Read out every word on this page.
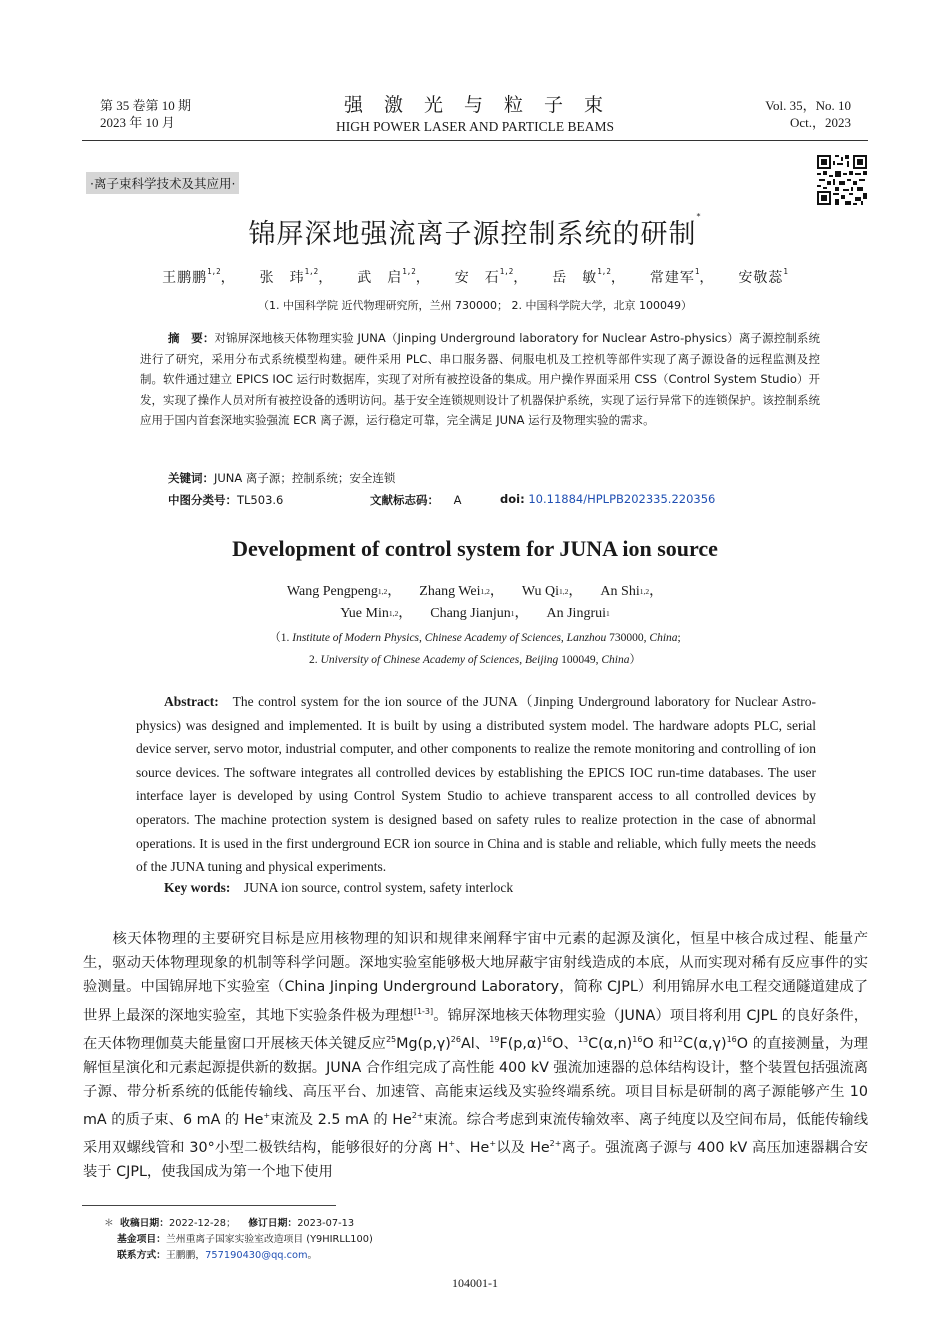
第 35 卷第 10 期
2023 年 10 月
强激光与粒子束
HIGH POWER LASER AND PARTICLE BEAMS
Vol. 35，No. 10
Oct.，2023
·离子束科学技术及其应用·
锦屏深地强流离子源控制系统的研制*
王鹏鹏$^{1,2}$， 张　玮$^{1,2}$， 武　启$^{1,2}$， 安　石$^{1,2}$， 岳　敏$^{1,2}$， 常建军$^1$， 安敬蕊$^1$
（1. 中国科学院 近代物理研究所，兰州 730000； 2. 中国科学院大学，北京 100049）
摘　要：对锦屏深地核天体物理实验 JUNA（Jinping Underground laboratory for Nuclear Astro-physics）离子源控制系统进行了研究，采用分布式系统模型构建。硬件采用 PLC、串口服务器、伺服电机及工控机等部件实现了离子源设备的远程监测及控制。软件通过建立 EPICS IOC 运行时数据库，实现了对所有被控设备的集成。用户操作界面采用 CSS（Control System Studio）开发，实现了操作人员对所有被控设备的透明访问。基于安全连锁规则设计了机器保护系统，实现了运行异常下的连锁保护。该控制系统应用于国内首套深地实验强流 ECR 离子源，运行稳定可靠，完全满足 JUNA 运行及物理实验的需求。
关键词：JUNA 离子源；控制系统；安全连锁
中图分类号：TL503.6	文献标志码： A	doi: 10.11884/HPLPB202335.220356
Development of control system for JUNA ion source
Wang Pengpeng$^{1,2}$， Zhang Wei$^{1,2}$， Wu Qi$^{1,2}$， An Shi$^{1,2}$，
Yue Min$^{1,2}$， Chang Jianjun$^1$， An Jingrui$^1$
（1. Institute of Modern Physics, Chinese Academy of Sciences, Lanzhou 730000, China;
2. University of Chinese Academy of Sciences, Beijing 100049, China）
Abstract: The control system for the ion source of the JUNA（Jinping Underground laboratory for Nuclear Astro-physics) was designed and implemented. It is built by using a distributed system model. The hardware adopts PLC, serial device server, servo motor, industrial computer, and other components to realize the remote monitoring and controlling of ion source devices. The software integrates all controlled devices by establishing the EPICS IOC run-time databases. The user interface layer is developed by using Control System Studio to achieve transparent access to all controlled devices by operators. The machine protection system is designed based on safety rules to realize protection in the case of abnormal operations. It is used in the first underground ECR ion source in China and is stable and reliable, which fully meets the needs of the JUNA tuning and physical experiments.
Key words: JUNA ion source, control system, safety interlock
核天体物理的主要研究目标是应用核物理的知识和规律来阐释宇宙中元素的起源及演化，恒星中核合成过程、能量产生，驱动天体物理现象的机制等科学问题。深地实验室能够极大地屏蔽宇宙射线造成的本底，从而实现对稀有反应事件的实验测量。中国锦屏地下实验室（China Jinping Underground Laboratory，简称 CJPL）利用锦屏水电工程交通隧道建成了世界上最深的深地实验室，其地下实验条件极为理想[1-3]。锦屏深地核天体物理实验（JUNA）项目将利用 CJPL 的良好条件，在天体物理伽莫夫能量窗口开展核天体关键反应$^{25}Mg(p,\gamma)^{26}Al$、$^{19}F(p,\alpha)^{16}O$、$^{13}C(\alpha,n)^{16}O$ 和$^{12}C(\alpha,\gamma)^{16}O$ 的直接测量，为理解恒星演化和元素起源提供新的数据。JUNA 合作组完成了高性能 400 kV 强流加速器的总体结构设计，整个装置包括强流离子源、带分析系统的低能传输线、高压平台、加速管、高能束运线及实验终端系统。项目目标是研制的离子源能够产生 10 mA 的质子束、6 mA 的 He+束流及 2.5 mA 的 $He^{2+}$束流。综合考虑到束流传输效率、离子纯度以及空间布局，低能传输线采用双螺线管和 30°小型二极铁结构，能够很好的分离 H+、He+以及 $He^{2+}$离子。强流离子源与 400 kV 高压加速器耦合安装于 CJPL，使我国成为第一个地下使用
＊ 收稿日期：2022-12-28； 修订日期：2023-07-13
基金项目：兰州重离子国家实验室改造项目 (Y9HIRLL100)
联系方式：王鹏鹏，757190430@qq.com。
104001-1
